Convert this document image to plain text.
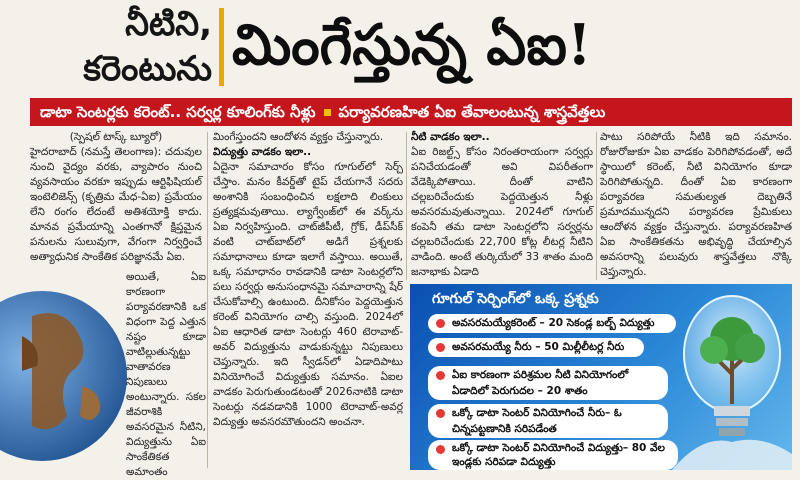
నీటిని,
కరెంటును మింగేస్తున్న ఏఐ!
డాటా సెంటర్లకు కరెంట్.. సర్వర్ల కూలింగ్‌కు నీళ్లు పర్యావరణహిత ఏఐ తేవాలంటున్న శాస్త్రవేత్తలు
(స్పెషల్‌ టాస్క్‌ బ్యూరో)

హైదరాబాద్‌ (నమస్తే తెలంగాణ): చదువుల నుంచి వైద్యం వరకు, వ్యాపారం నుంచి వ్యవసాయం వరకూ ఇప్పుడు ఆర్టిఫిషియల్‌ ఇంటెలిజెన్స్‌ (కృత్రిమ మేధ-ఏఐ) ప్రమేయం లేని రంగం లేదంటే అతిశయోక్తి కాదు. మానవ ప్రమేయాన్ని ఎంతగానో క్షిప్తమైన పనులను సులువుగా, వేగంగా నిర్వర్తించే అత్యాధునిక సాంకేతిక పరిజ్ఞానమే ఏఐ.

అయితే, ఏఐ కారణంగా పర్యావరణానికి ఒక విధంగా పెద్ద ఎత్తున నష్టం కూడా వాటిల్లుతున్నట్టు వాతావరణ నిపుణులు అంటున్నారు. సకల జీవరాశికి అవసరమైన నీటిని, విద్యుత్తును ఏఐ సాంకేతికత అమాంతం

మింగేస్తుందని ఆందోళన వ్యక్తం చేస్తున్నారు.

విద్యుత్తు వాడకం ఇలా..

ఏదైనా సమాచారం కోసం గూగుల్‌లో సెర్చ్‌ చేస్తాం. మనం కీవర్డ్‌తో టైప్‌ చేయగానే సదరు అంశానికి సంబంధించిన లక్షలాది లింకులు ప్రత్యక్షమవుతాయి. ల్యాగ్వేంజ్‌లో ఈ వర్క్‌ను ఏఐ నిర్వహిస్తుంది. చాట్‌జీపీటీ, గ్రోక్‌, డీప్‌సీక్‌ వంటి చాట్‌బాట్‌లో అడిగే ప్రశ్నలకు సమాధానాలు కూడా ఇలాగే వస్తాయి. అయితే, ఒక్క సమాధానం రావడానికి డాటా సెంటర్లలోని పలు సర్వర్లు అనుసంధానమై సమాచారాన్ని షేర్‌ చేసుకోవాల్సి ఉంటుంది. దీనికోసం పెద్దయెత్తున కరెంట్‌ వినియోగం చాల్సి వస్తుంది. 2024లో ఏఐ ఆధారిత డాటా సెంటర్లు 460 టెరావాట్‌-అవర్‌ విద్యుత్తును వాడుకున్నట్టు నిపుణులు చెప్తున్నారు. ఇది స్వీడన్‌లో ఏడాదిపాటు వినియోగించే విద్యుత్తుకు సమానం. ఏఐల వాడకం పెరుగుతుండటంతో 2026నాటికి డాటా సెంటర్లు నడవడానికి 1000 టెరావాట్‌-అవర్ల విద్యుత్తు అవసరమౌతుందని అంచనా.

నీటి వాడకం ఇలా..

ఏఐ రిజల్ట్స్‌ కోసం నిరంతరాయంగా సర్వర్లు పనిచేయడంతో అవి విపరీతంగా వేడెక్కిపోతాయి. దీంతో వాటిని చల్లబరిచేందుకు పెద్దయెత్తున నీళ్లు అవసరమవుతున్నాయి. 2024లో గూగుల్‌ కంపెనీ తమ డాటా సెంటర్లలోని సర్వర్లను చల్లబరిచేందుకు 22,700 కోట్ల లీటర్ల నీటిని వాడింది. అంటే తుర్కియేలో 33 శాతం మంది జనాభాకు ఏడాది

పాటు సరిపోయే నీటికి ఇది సమానం. రోజురోజుకూ ఏఐ వాడకం పెరిగిపోవడంతో, అదే స్థాయిలో కరెంట్‌, నీటి వినియోగం కూడా పెరిగిపోతున్నది. దీంతో ఏఐ కారణంగా పర్యావరణ సమతుల్యత దెబ్బతినే ప్రమాదమున్నదని పర్యావరణ ప్రేమికులు ఆందోళన వ్యక్తం చేస్తున్నారు. పర్యావరణహిత ఏఐ సాంకేతికతను అభివృద్ధి చేయాల్సిన అవసరాన్ని పలువురు శాస్త్రవేత్తలు నొక్కి చెప్తున్నారు.

గూగుల్‌ సెర్చింగ్‌లో ఒక్క ప్రశ్నకు
అవసరమయ్యేకరెంట్‌ – 20 సెకండ్ల బల్బ్‌ విద్యుత్తు
అవసరమయ్యే నీరు – 50 మిల్లీలీటర్ల నీరు
ఏఐ కారణంగా పరిశ్రమల నీటి వినియోగంలో ఏడాదిలో పెరుగుదల – 20 శాతం
ఒక్కో డాటా సెంటర్‌ వినియోగించే నీరు– ఓ చిన్నపట్టణానికి సరిపడేంత
ఒక్కో డాటా సెంటర్‌ వినియోగించే విద్యుత్తు– 80 వేల ఇండ్లకు సరిపడా విద్యుత్తు
